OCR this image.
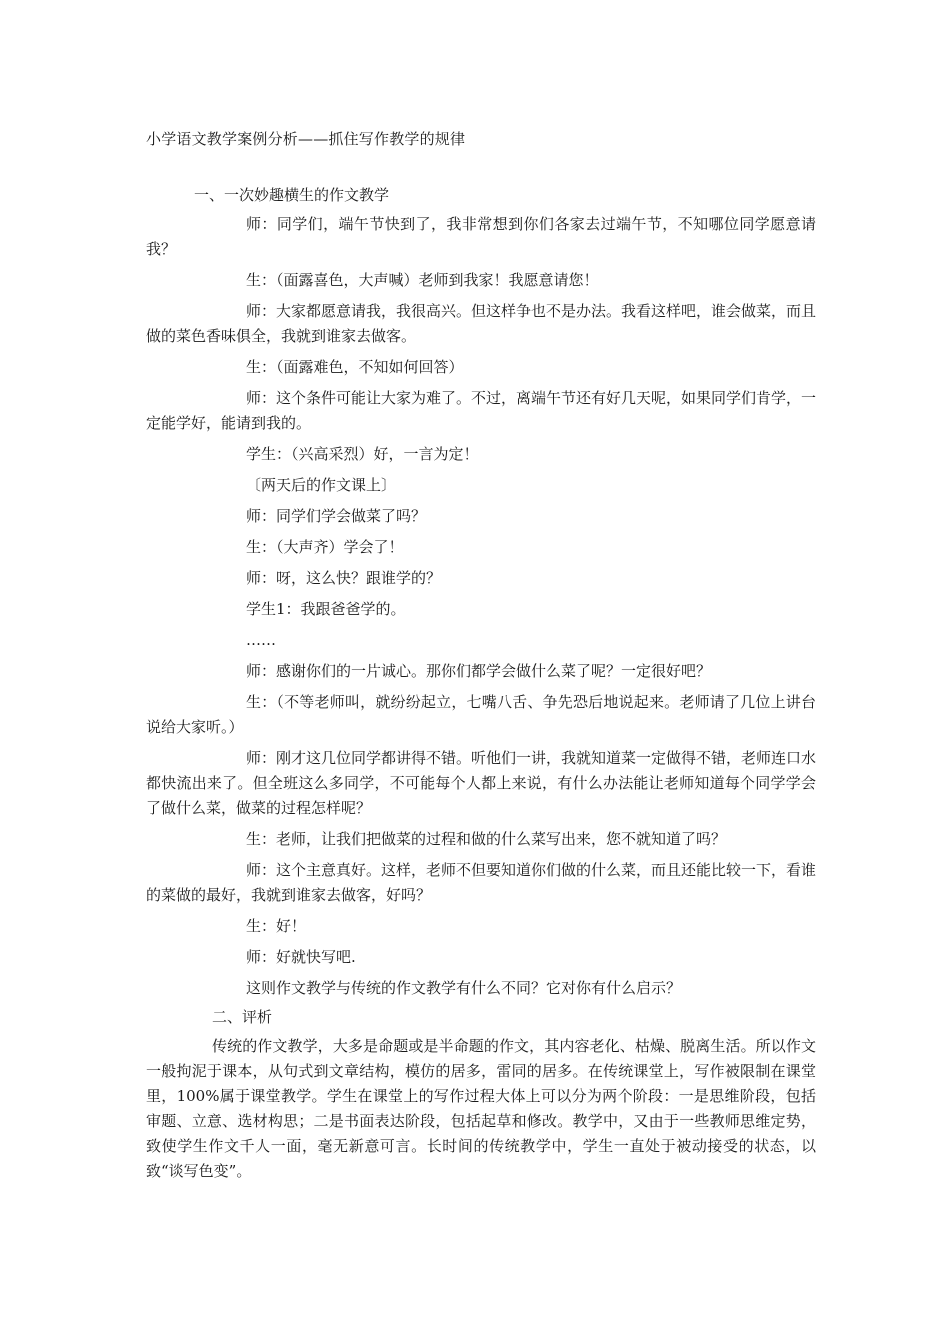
小学语文教学案例分析——抓住写作教学的规律
一、一次妙趣横生的作文教学

师：同学们，端午节快到了，我非常想到你们各家去过端午节，不知哪位同学愿意请我？

生：（面露喜色，大声喊）老师到我家！我愿意请您！

师：大家都愿意请我，我很高兴。但这样争也不是办法。我看这样吧，谁会做菜，而且做的菜色香味俱全，我就到谁家去做客。

生：（面露难色，不知如何回答）

师：这个条件可能让大家为难了。不过，离端午节还有好几天呢，如果同学们肯学，一定能学好，能请到我的。

学生：（兴高采烈）好，一言为定！

〔两天后的作文课上〕

师：同学们学会做菜了吗？

生：（大声齐）学会了！

师：呀，这么快？跟谁学的？

学生1：我跟爸爸学的。

……

师：感谢你们的一片诚心。那你们都学会做什么菜了呢？一定很好吧？

生：（不等老师叫，就纷纷起立，七嘴八舌、争先恐后地说起来。老师请了几位上讲台说给大家听。）

师：刚才这几位同学都讲得不错。听他们一讲，我就知道菜一定做得不错，老师连口水都快流出来了。但全班这么多同学，不可能每个人都上来说，有什么办法能让老师知道每个同学学会了做什么菜，做菜的过程怎样呢？

生：老师，让我们把做菜的过程和做的什么菜写出来，您不就知道了吗？

师：这个主意真好。这样，老师不但要知道你们做的什么菜，而且还能比较一下，看谁的菜做的最好，我就到谁家去做客，好吗？

生：好！

师：好就快写吧.

这则作文教学与传统的作文教学有什么不同？它对你有什么启示？

二、评析

传统的作文教学，大多是命题或是半命题的作文，其内容老化、枯燥、脱离生活。所以作文一般拘泥于课本，从句式到文章结构，模仿的居多，雷同的居多。在传统课堂上，写作被限制在课堂里，100%属于课堂教学。学生在课堂上的写作过程大体上可以分为两个阶段：一是思维阶段，包括审题、立意、选材构思；二是书面表达阶段，包括起草和修改。教学中，又由于一些教师思维定势，致使学生作文千人一面，毫无新意可言。长时间的传统教学中，学生一直处于被动接受的状态，以致“谈写色变”。
